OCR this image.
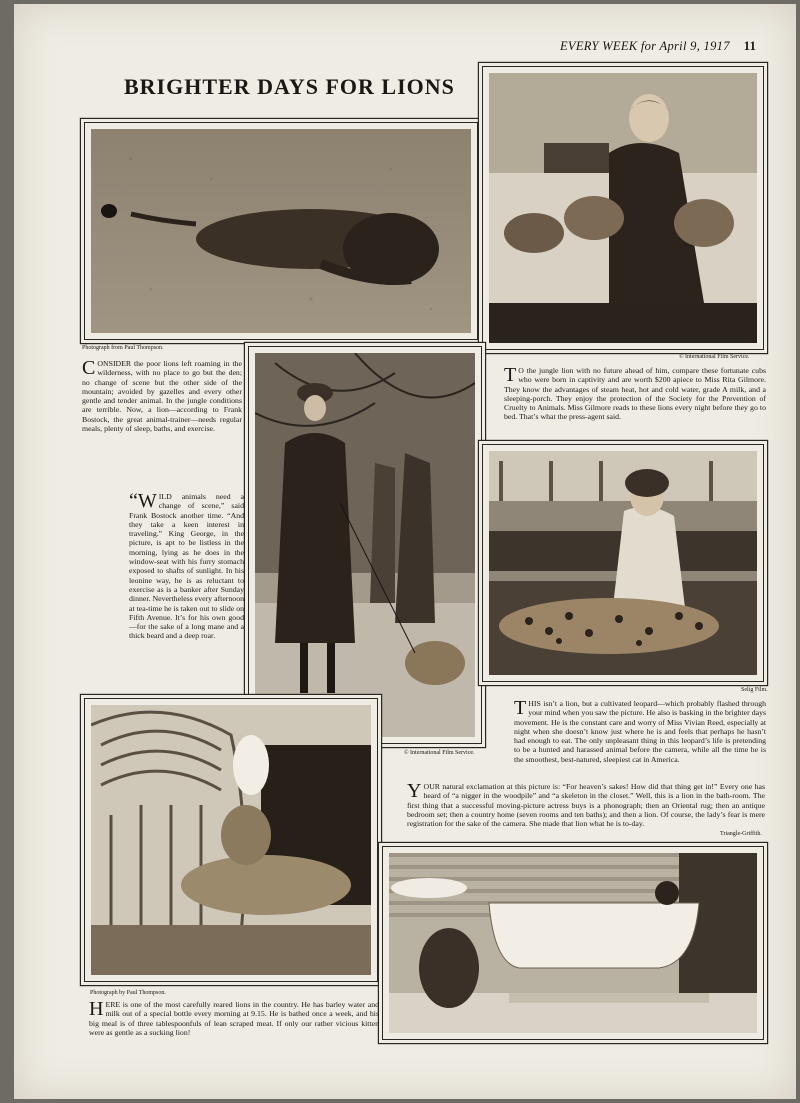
EVERY WEEK for April 9, 1917 11
BRIGHTER DAYS FOR LIONS
Photograph from Paul Thompson.
© International Film Service.
CONSIDER the poor lions left roaming in the wilderness, with no place to go but the den; no change of scene but the other side of the mountain; avoided by gazelles and every other gentle and tender animal. In the jungle conditions are terrible. Now, a lion—according to Frank Bostock, the great animal-trainer—needs regular meals, plenty of sleep, baths, and exercise.
© International Film Service.
T O the jungle lion with no future ahead of him, compare these fortunate cubs who were born in captivity and are worth $200 apiece to Miss Rita Gilmore. They know the advantages of steam heat, hot and cold water, grade A milk, and a sleeping-porch. They enjoy the protection of the Society for the Prevention of Cruelty to Animals. Miss Gilmore reads to these lions every night before they go to bed. That’s what the press-agent said.
“WILD animals need a change of scene,” said Frank Bostock another time. “And they take a keen interest in traveling.” King George, in the picture, is apt to be listless in the morning, lying as he does in the window-seat with his furry stomach exposed to shafts of sunlight. In his leonine way, he is as reluctant to exercise as is a banker after Sunday dinner. Nevertheless every afternoon at tea-time he is taken out to slide on Fifth Avenue. It’s for his own good—for the sake of a long mane and a thick beard and a deep roar.
Selig Film.
THIS isn’t a lion, but a cultivated leopard—which probably flashed through your mind when you saw the picture. He also is basking in the brighter days movement. He is the constant care and worry of Miss Vivian Reed, especially at night when she doesn’t know just where he is and feels that perhaps he hasn’t had enough to eat. The only unpleasant thing in this leopard’s life is pretending to be a hunted and harassed animal before the camera, while all the time he is the smoothest, best-natured, sleepiest cat in America.
Photograph by Paul Thompson.
YOUR natural exclamation at this picture is: “For heaven’s sakes! How did that thing get in!” Every one has heard of “a nigger in the woodpile” and “a skeleton in the closet.” Well, this is a lion in the bath-room. The first thing that a successful moving-picture actress buys is a phonograph; then an Oriental rug; then an antique bedroom set; then a country home (seven rooms and ten baths); and then a lion. Of course, the lady’s fear is mere registration for the sake of the camera. She made that lion what he is to-day.
Triangle-Griffith.
HERE is one of the most carefully reared lions in the country. He has barley water and milk out of a special bottle every morning at 9.15. He is bathed once a week, and his big meal is of three tablespoonfuls of lean scraped meat. If only our rather vicious kitten were as gentle as a sucking lion!
